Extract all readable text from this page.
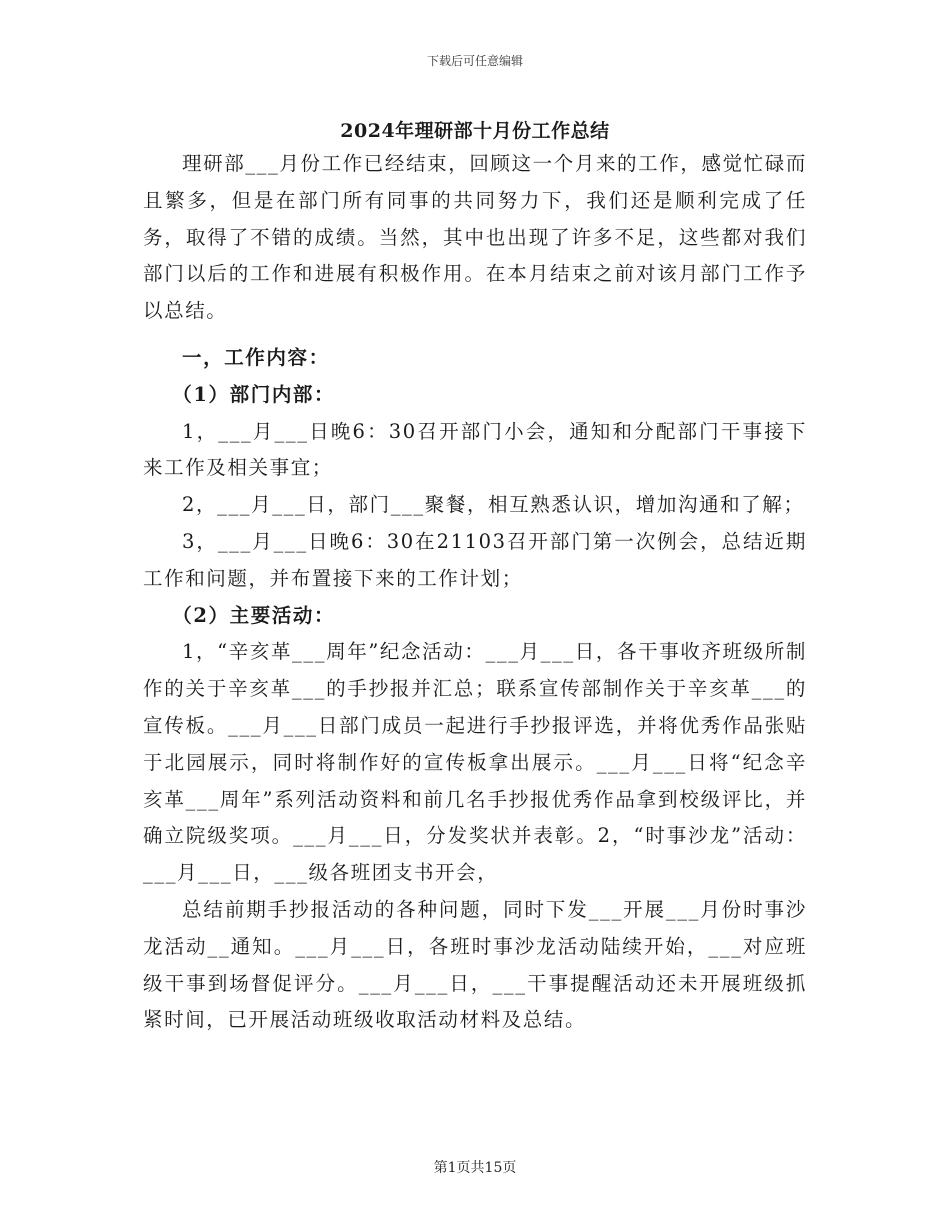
下载后可任意编辑
2024年理研部十月份工作总结

理研部___月份工作已经结束，回顾这一个月来的工作，感觉忙碌而且繁多，但是在部门所有同事的共同努力下，我们还是顺利完成了任务，取得了不错的成绩。当然，其中也出现了许多不足，这些都对我们部门以后的工作和进展有积极作用。在本月结束之前对该月部门工作予以总结。

一，工作内容：

（1）部门内部：

1，___月___日晚6：30召开部门小会，通知和分配部门干事接下来工作及相关事宜；

2，___月___日，部门___聚餐，相互熟悉认识，增加沟通和了解；

3，___月___日晚6：30在21103召开部门第一次例会，总结近期工作和问题，并布置接下来的工作计划；

（2）主要活动：

1，“辛亥革___周年”纪念活动：___月___日，各干事收齐班级所制作的关于辛亥革___的手抄报并汇总；联系宣传部制作关于辛亥革___的宣传板。___月___日部门成员一起进行手抄报评选，并将优秀作品张贴于北园展示，同时将制作好的宣传板拿出展示。___月___日将“纪念辛亥革___周年”系列活动资料和前几名手抄报优秀作品拿到校级评比，并确立院级奖项。___月___日，分发奖状并表彰。2，“时事沙龙”活动：___月___日，___级各班团支书开会，

总结前期手抄报活动的各种问题，同时下发___开展___月份时事沙龙活动__通知。___月___日，各班时事沙龙活动陆续开始，___对应班级干事到场督促评分。___月___日，___干事提醒活动还未开展班级抓紧时间，已开展活动班级收取活动材料及总结。

第1页共15页
